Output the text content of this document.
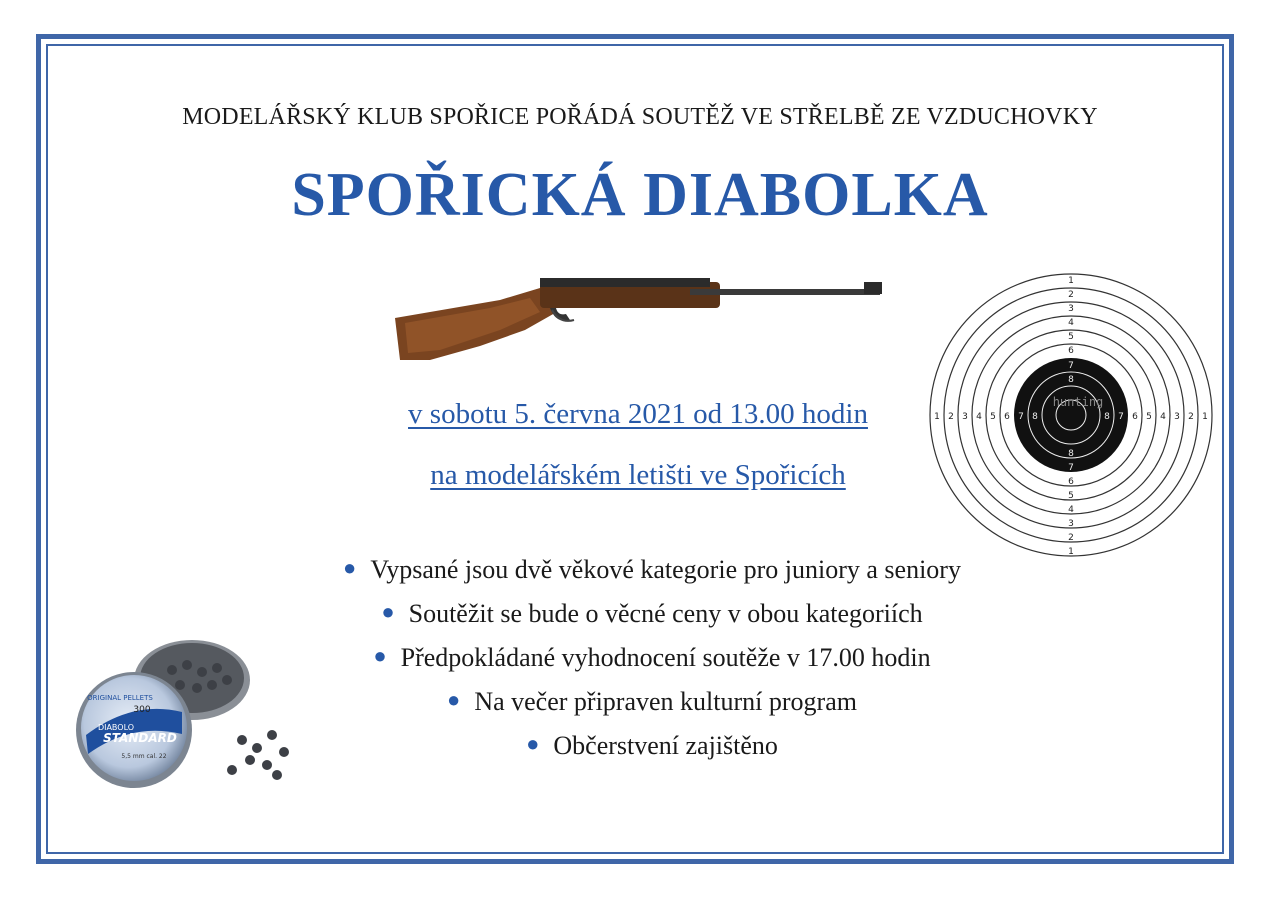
MODELÁŘSKÝ KLUB SPOŘICE POŘÁDÁ SOUTĚŽ VE STŘELBĚ ZE VZDUCHOVKY
SPOŘICKÁ DIABOLKA
1
2
3
4
5
6
7
8
8
7
6
5
4
3
2
1
1 2 3 4 5 6 7 8	8 7 6 5 4 3 2 1
hunting
v sobotu 5. června 2021 od 13.00 hodin
na modelářském letišti ve Spořicích
● Vypsané jsou dvě věkové kategorie pro juniory a seniory
● Soutěžit se bude o věcné ceny v obou kategoriích
● Předpokládané vyhodnocení soutěže v 17.00 hodin
● Na večer připraven kulturní program
● Občerstvení zajištěno
ORIGINAL PELLETS
300
DIABOLO
STANDARD
5,5 mm cal. 22
